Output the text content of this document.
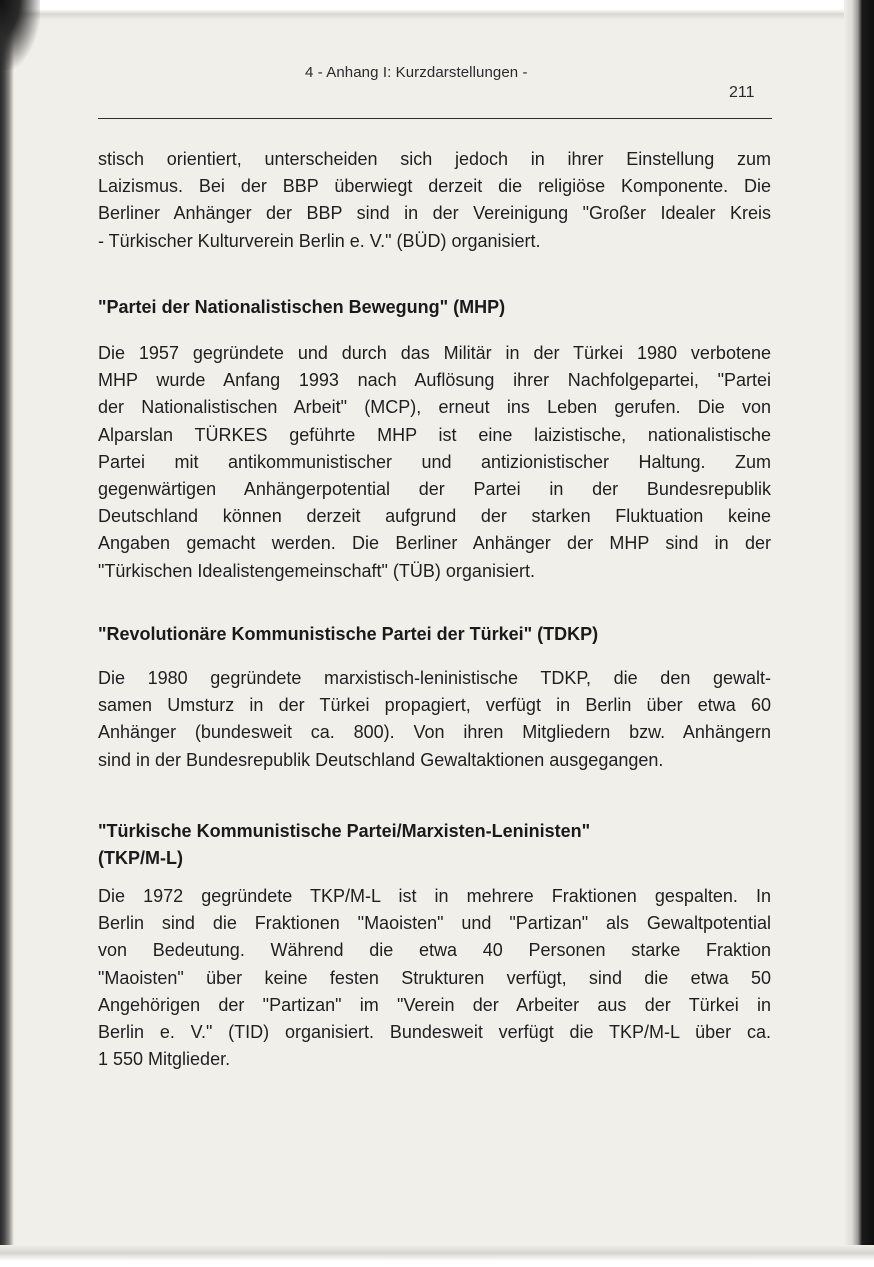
4 - Anhang I: Kurzdarstellungen -
211

stisch orientiert, unterscheiden sich jedoch in ihrer Einstellung zum
Laizismus. Bei der BBP überwiegt derzeit die religiöse Komponente. Die
Berliner Anhänger der BBP sind in der Vereinigung "Großer Idealer Kreis
- Türkischer Kulturverein Berlin e. V." (BÜD) organisiert.

"Partei der Nationalistischen Bewegung" (MHP)

Die 1957 gegründete und durch das Militär in der Türkei 1980 verbotene
MHP wurde Anfang 1993 nach Auflösung ihrer Nachfolgepartei, "Partei
der Nationalistischen Arbeit" (MCP), erneut ins Leben gerufen. Die von
Alparslan TÜRKES geführte MHP ist eine laizistische, nationalistische
Partei mit antikommunistischer und antizionistischer Haltung. Zum
gegenwärtigen Anhängerpotential der Partei in der Bundesrepublik
Deutschland können derzeit aufgrund der starken Fluktuation keine
Angaben gemacht werden. Die Berliner Anhänger der MHP sind in der
"Türkischen Idealistengemeinschaft" (TÜB) organisiert.

"Revolutionäre Kommunistische Partei der Türkei" (TDKP)

Die 1980 gegründete marxistisch-leninistische TDKP, die den gewalt-
samen Umsturz in der Türkei propagiert, verfügt in Berlin über etwa 60
Anhänger (bundesweit ca. 800). Von ihren Mitgliedern bzw. Anhängern
sind in der Bundesrepublik Deutschland Gewaltaktionen ausgegangen.

"Türkische Kommunistische Partei/Marxisten-Leninisten"
(TKP/M-L)

Die 1972 gegründete TKP/M-L ist in mehrere Fraktionen gespalten. In
Berlin sind die Fraktionen "Maoisten" und "Partizan" als Gewaltpotential
von Bedeutung. Während die etwa 40 Personen starke Fraktion
"Maoisten" über keine festen Strukturen verfügt, sind die etwa 50
Angehörigen der "Partizan" im "Verein der Arbeiter aus der Türkei in
Berlin e. V." (TID) organisiert. Bundesweit verfügt die TKP/M-L über ca.
1 550 Mitglieder.
